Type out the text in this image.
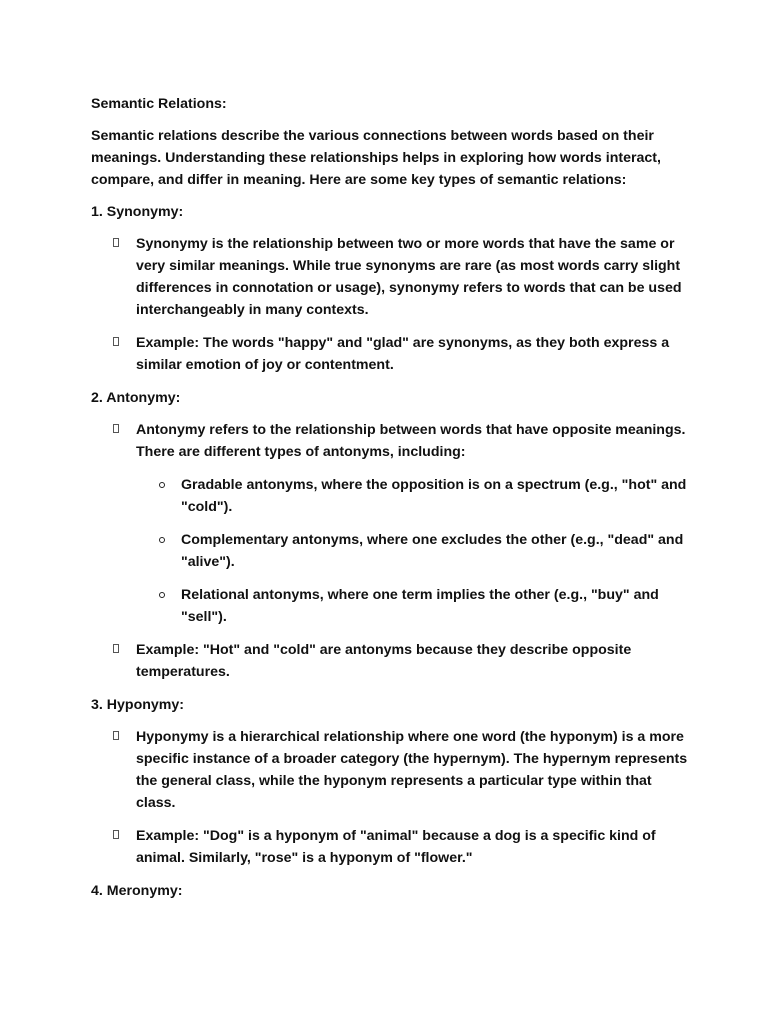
Semantic Relations:
Semantic relations describe the various connections between words based on their meanings. Understanding these relationships helps in exploring how words interact, compare, and differ in meaning. Here are some key types of semantic relations:
1. Synonymy:
Synonymy is the relationship between two or more words that have the same or very similar meanings. While true synonyms are rare (as most words carry slight differences in connotation or usage), synonymy refers to words that can be used interchangeably in many contexts.
Example: The words "happy" and "glad" are synonyms, as they both express a similar emotion of joy or contentment.
2. Antonymy:
Antonymy refers to the relationship between words that have opposite meanings. There are different types of antonyms, including:
Gradable antonyms, where the opposition is on a spectrum (e.g., "hot" and "cold").
Complementary antonyms, where one excludes the other (e.g., "dead" and "alive").
Relational antonyms, where one term implies the other (e.g., "buy" and "sell").
Example: "Hot" and "cold" are antonyms because they describe opposite temperatures.
3. Hyponymy:
Hyponymy is a hierarchical relationship where one word (the hyponym) is a more specific instance of a broader category (the hypernym). The hypernym represents the general class, while the hyponym represents a particular type within that class.
Example: "Dog" is a hyponym of "animal" because a dog is a specific kind of animal. Similarly, "rose" is a hyponym of "flower."
4. Meronymy:
